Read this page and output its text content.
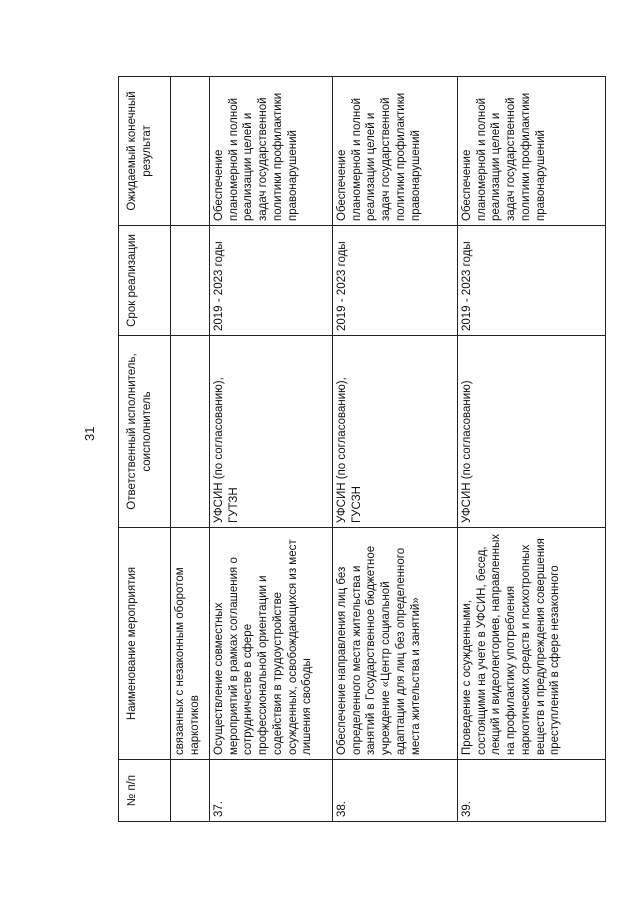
31
№ п/п	Наименование мероприятия	Ответственный исполнитель, соисполнитель	Срок реализации	Ожидаемый конечный результат
	связанных с незаконным оборотом наркотиков			
37.	Осуществление совместных мероприятий в рамках соглашения о сотрудничестве в сфере профессиональной ориентации и содействия в трудоустройстве осужденных, освобождающихся из мест лишения свободы	УФСИН (по согласованию), ГУТЗН	2019 - 2023 годы	Обеспечение планомерной и полной реализации целей и задач государственной политики профилактики правонарушений
38.	Обеспечение направления лиц без определенного места жительства и занятий в Государственное бюджетное учреждение «Центр социальной адаптации для лиц без определенного места жительства и занятий»	УФСИН (по согласованию), ГУСЗН	2019 - 2023 годы	Обеспечение планомерной и полной реализации целей и задач государственной политики профилактики правонарушений
39.	Проведение с осужденными, состоящими на учете в УФСИН, бесед, лекций и видеолекториев, направленных на профилактику употребления наркотических средств и психотропных веществ и предупреждения совершения преступлений в сфере незаконного	УФСИН (по согласованию)	2019 - 2023 годы	Обеспечение планомерной и полной реализации целей и задач государственной политики профилактики правонарушений
